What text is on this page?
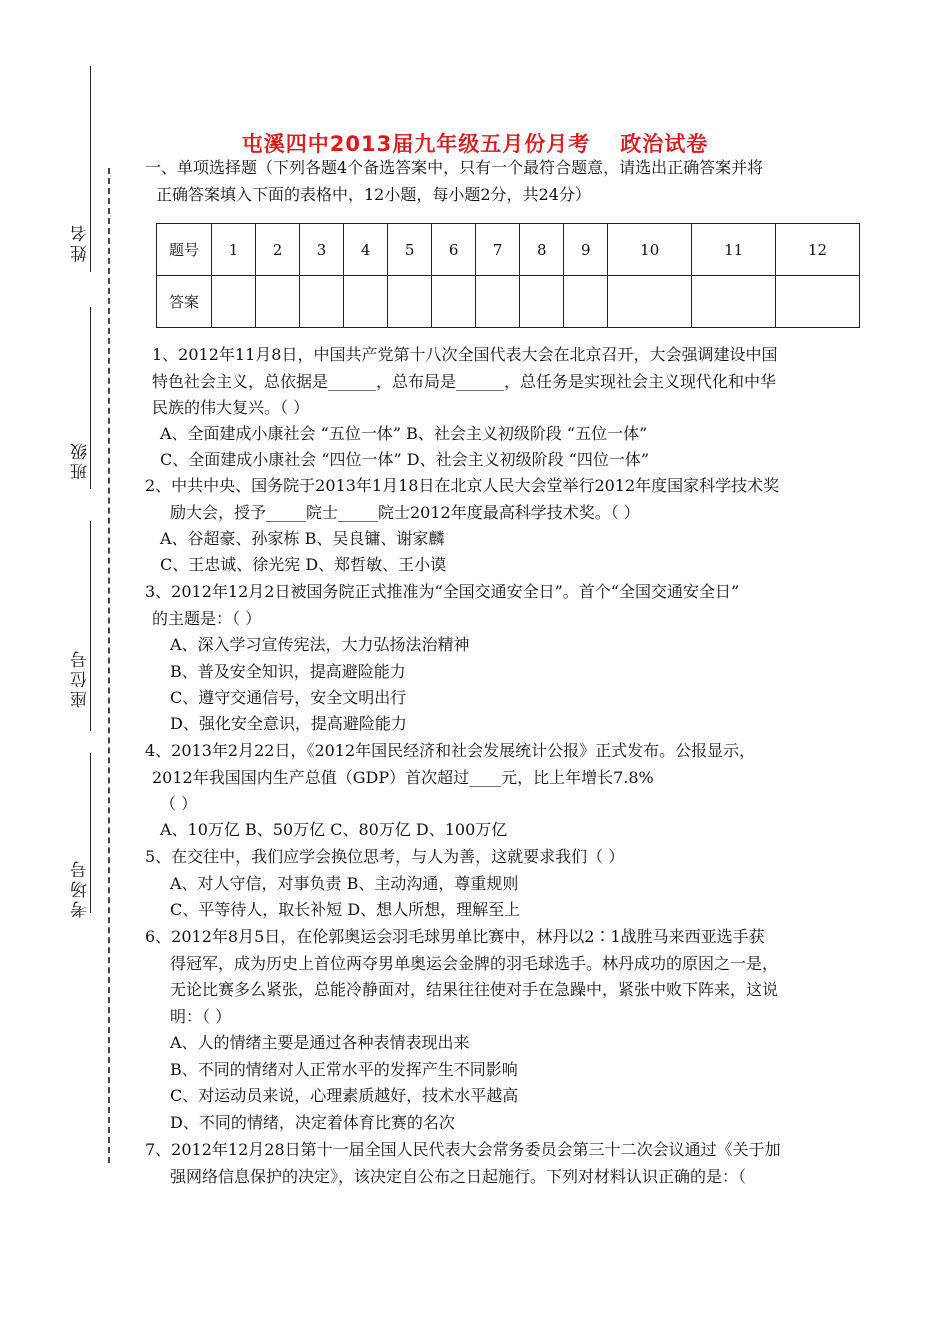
姓名
班级
座位号
考场号
屯溪四中2013届九年级五月份月考 政治试卷
一、单项选择题（下列各题4个备选答案中，只有一个最符合题意，请选出正确答案并将
正确答案填入下面的表格中，12小题，每小题2分，共24分）
题号	1	2	3	4	5	6	7	8	9	10	11	12
答案												
1、2012年11月8日，中国共产党第十八次全国代表大会在北京召开，大会强调建设中国
特色社会主义，总依据是______，总布局是______，总任务是实现社会主义现代化和中华
民族的伟大复兴。（ ）
A、全面建成小康社会 “五位一体” B、社会主义初级阶段 “五位一体”
C、全面建成小康社会 “四位一体” D、社会主义初级阶段 “四位一体”
2、中共中央、国务院于2013年1月18日在北京人民大会堂举行2012年度国家科学技术奖
励大会，授予_____院士_____院士2012年度最高科学技术奖。（ ）
A、谷超豪、孙家栋 B、吴良镛、谢家麟
C、王忠诚、徐光宪 D、郑哲敏、王小谟
3、2012年12月2日被国务院正式推准为“全国交通安全日”。首个“全国交通安全日”
的主题是：（ ）
A、深入学习宣传宪法，大力弘扬法治精神
B、普及安全知识，提高避险能力
C、遵守交通信号，安全文明出行
D、强化安全意识，提高避险能力
4、2013年2月22日，《2012年国民经济和社会发展统计公报》正式发布。公报显示，
2012年我国国内生产总值（GDP）首次超过____元，比上年增长7.8%
（ ）
A、10万亿 B、50万亿 C、80万亿 D、100万亿
5、在交往中，我们应学会换位思考，与人为善，这就要求我们（ ）
A、对人守信，对事负责 B、主动沟通，尊重规则
C、平等待人，取长补短 D、想人所想，理解至上
6、2012年8月5日，在伦郭奥运会羽毛球男单比赛中，林丹以2∶1战胜马来西亚选手获
得冠军，成为历史上首位两夺男单奥运会金牌的羽毛球选手。林丹成功的原因之一是，
无论比赛多么紧张，总能冷静面对，结果往往使对手在急躁中，紧张中败下阵来，这说
明：（ ）
A、人的情绪主要是通过各种表情表现出来
B、不同的情绪对人正常水平的发挥产生不同影响
C、对运动员来说，心理素质越好，技术水平越高
D、不同的情绪，决定着体育比赛的名次
7、2012年12月28日第十一届全国人民代表大会常务委员会第三十二次会议通过《关于加
强网络信息保护的决定》，该决定自公布之日起施行。下列对材料认识正确的是：（
